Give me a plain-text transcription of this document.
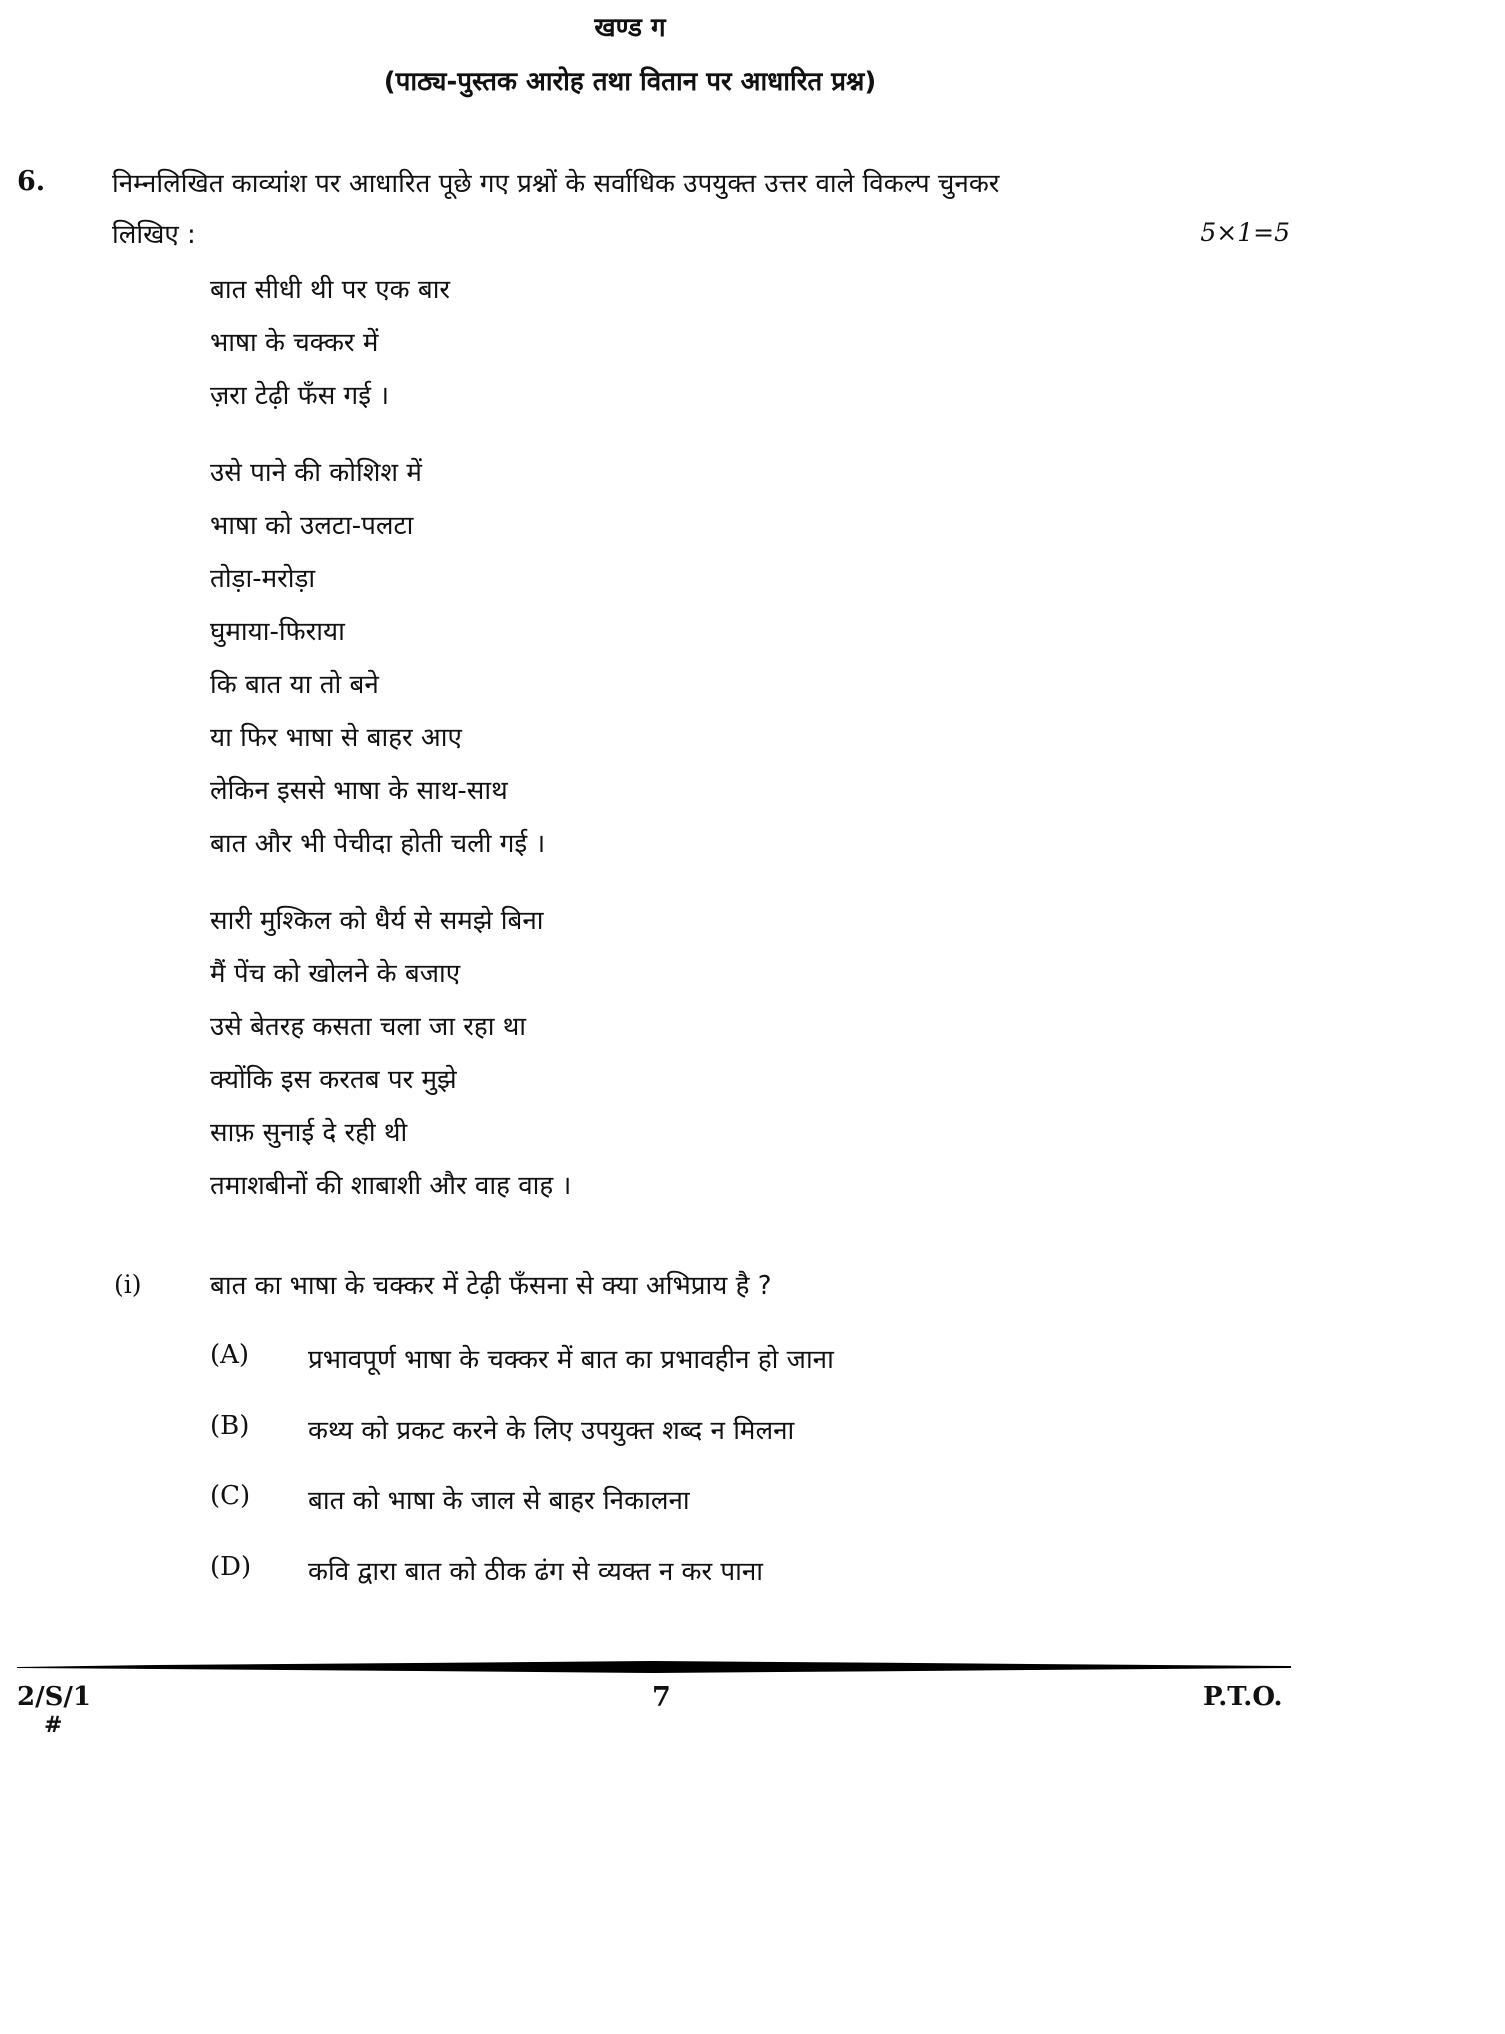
खण्ड ग
(पाठ्य-पुस्तक आरोह तथा वितान पर आधारित प्रश्न)
6.	निम्नलिखित काव्यांश पर आधारित पूछे गए प्रश्नों के सर्वाधिक उपयुक्त उत्तर वाले विकल्प चुनकर
लिखिए :	5×1=5
बात सीधी थी पर एक बार
भाषा के चक्कर में
ज़रा टेढ़ी फँस गई ।
उसे पाने की कोशिश में
भाषा को उलटा-पलटा
तोड़ा-मरोड़ा
घुमाया-फिराया
कि बात या तो बने
या फिर भाषा से बाहर आए
लेकिन इससे भाषा के साथ-साथ
बात और भी पेचीदा होती चली गई ।
सारी मुश्किल को धैर्य से समझे बिना
मैं पेंच को खोलने के बजाए
उसे बेतरह कसता चला जा रहा था
क्योंकि इस करतब पर मुझे
साफ़ सुनाई दे रही थी
तमाशबीनों की शाबाशी और वाह वाह ।
(i)	बात का भाषा के चक्कर में टेढ़ी फँसना से क्या अभिप्राय है ?
(A)	प्रभावपूर्ण भाषा के चक्कर में बात का प्रभावहीन हो जाना
(B)	कथ्य को प्रकट करने के लिए उपयुक्त शब्द न मिलना
(C)	बात को भाषा के जाल से बाहर निकालना
(D)	कवि द्वारा बात को ठीक ढंग से व्यक्त न कर पाना
2/S/1
#
7	P.T.O.
